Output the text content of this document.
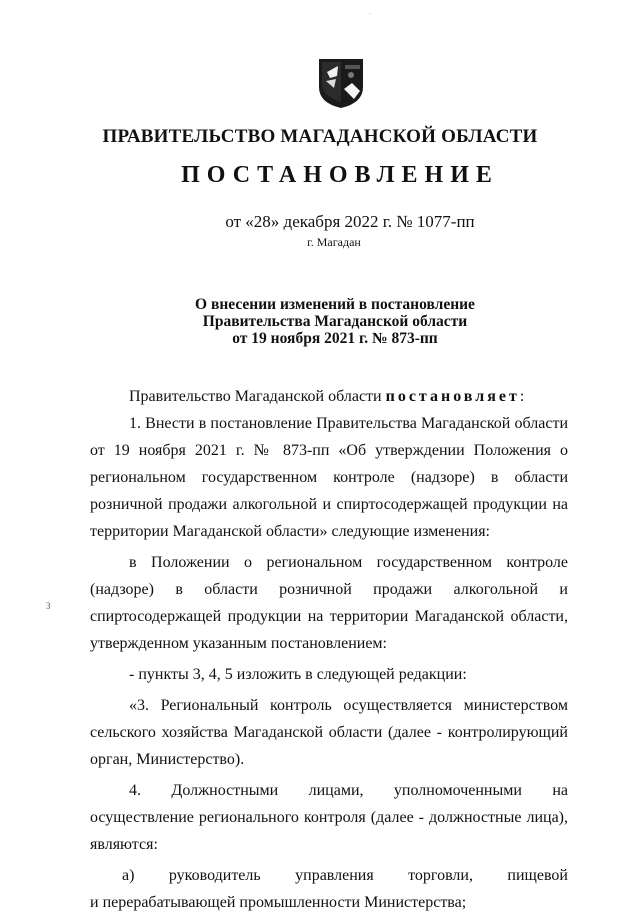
·
ПРАВИТЕЛЬСТВО МАГАДАНСКОЙ ОБЛАСТИ
ПОСТАНОВЛЕНИЕ
от «28» декабря 2022 г. № 1077-пп
г. Магадан
О внесении изменений в постановление
Правительства Магаданской области
от 19 ноября 2021 г. № 873-пп
3

Правительство Магаданской области постановляет:

1. Внести в постановление Правительства Магаданской области от 19 ноября 2021 г. № 873-пп «Об утверждении Положения о региональном государственном контроле (надзоре) в области розничной продажи алкогольной и спиртосодержащей продукции на территории Магаданской области» следующие изменения:

в Положении о региональном государственном контроле (надзоре) в области розничной продажи алкогольной и спиртосодержащей продукции на территории Магаданской области, утвержденном указанным постановлением:

- пункты 3, 4, 5 изложить в следующей редакции:

«3. Региональный контроль осуществляется министерством сельского хозяйства Магаданской области (далее - контролирующий орган, Министерство).

4. Должностными лицами, уполномоченными на осуществление регионального контроля (далее - должностные лица), являются:

а) руководитель управления торговли, пищевой

и перерабатывающей промышленности Министерства;
